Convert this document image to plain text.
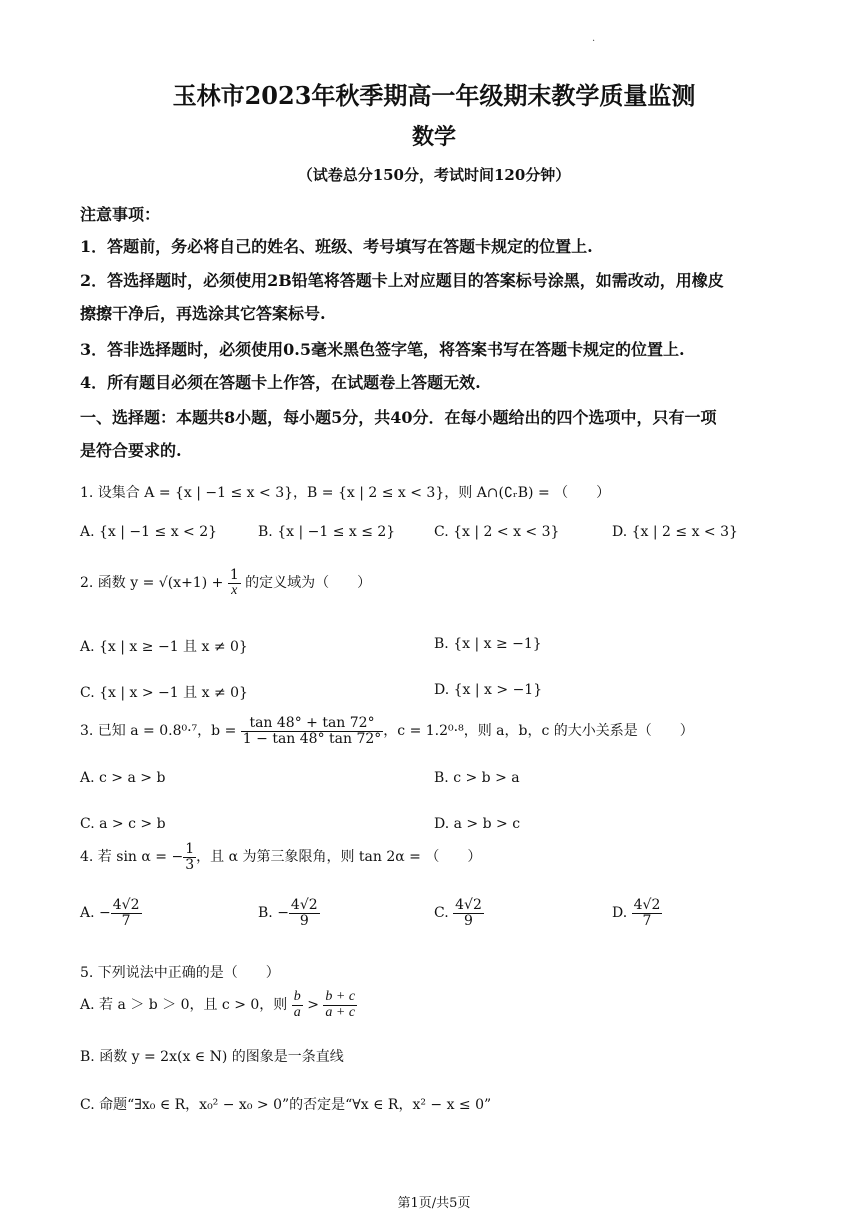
·
玉林市2023年秋季期高一年级期末教学质量监测
数学
（试卷总分150分，考试时间120分钟）
注意事项：
1．答题前，务必将自己的姓名、班级、考号填写在答题卡规定的位置上.
2．答选择题时，必须使用2B铅笔将答题卡上对应题目的答案标号涂黑，如需改动，用橡皮
擦擦干净后，再选涂其它答案标号.
3．答非选择题时，必须使用0.5毫米黑色签字笔，将答案书写在答题卡规定的位置上.
4．所有题目必须在答题卡上作答，在试题卷上答题无效.
一、选择题：本题共8小题，每小题5分，共40分．在每小题给出的四个选项中，只有一项
是符合要求的.
1. 设集合 A = {x | −1 ≤ x < 3}，B = {x | 2 ≤ x < 3}，则 A∩(∁ᵣB) = （　　）
A. {x | −1 ≤ x < 2}	B. {x | −1 ≤ x ≤ 2}	C. {x | 2 < x < 3}	D. {x | 2 ≤ x < 3}
2. 函数 $y = √(x+1) + \frac{1}{x}$ 的定义域为（　　）
A. {x | x ≥ −1 且 x ≠ 0}	B. {x | x ≥ −1}
C. {x | x > −1 且 x ≠ 0}	D. {x | x > −1}
3. 已知 a = 0.8⁰·⁷，$b = \frac{\tan 48^\circ + \tan 72^\circ}{1 - \tan 48^\circ \tan 72^\circ}$ ，c = 1.2⁰·⁸，则 a，b，c 的大小关系是（　　）
A. c > a > b	B. c > b > a
C. a > c > b	D. a > b > c
4. 若 sin α = − $\frac{1}{3}$ ，且 α 为第三象限角，则 tan 2α = （　　）
A. − $\frac{4√2}{7}$	B. − $\frac{4√2}{9}$	C. $\frac{4√2}{9}$	D. $\frac{4√2}{7}$
5. 下列说法中正确的是（　　）
A. 若 a ＞ b ＞ 0，且 c > 0，则 $\frac{b}{a} > \frac{b + c}{a + c}$
B. 函数 y = 2x(x ∈ N) 的图象是一条直线
C. 命题“∃x₀ ∈ R，x₀² − x₀ > 0”的否定是“∀x ∈ R，x² − x ≤ 0”
第1页/共5页
